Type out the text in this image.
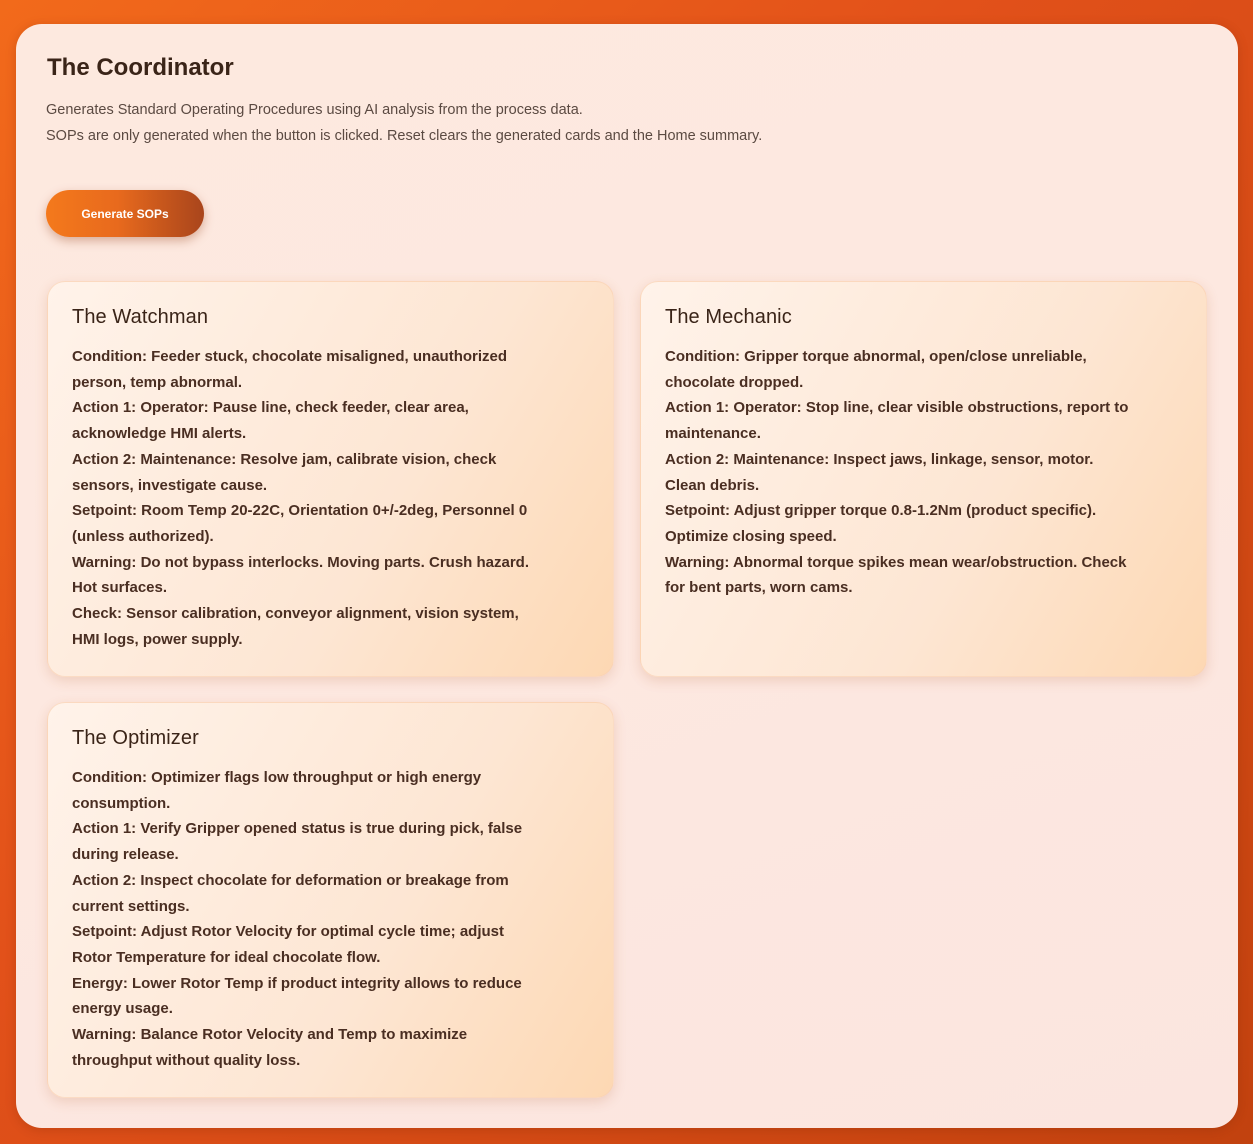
The Coordinator

Generates Standard Operating Procedures using AI analysis from the process data.

SOPs are only generated when the button is clicked. Reset clears the generated cards and the Home summary.

Generate SOPs
The Watchman
Condition: Feeder stuck, chocolate misaligned, unauthorized
person, temp abnormal.
Action 1: Operator: Pause line, check feeder, clear area,
acknowledge HMI alerts.
Action 2: Maintenance: Resolve jam, calibrate vision, check
sensors, investigate cause.
Setpoint: Room Temp 20-22C, Orientation 0+/-2deg, Personnel 0
(unless authorized).
Warning: Do not bypass interlocks. Moving parts. Crush hazard.
Hot surfaces.
Check: Sensor calibration, conveyor alignment, vision system,
HMI logs, power supply.
The Mechanic
Condition: Gripper torque abnormal, open/close unreliable,
chocolate dropped.
Action 1: Operator: Stop line, clear visible obstructions, report to
maintenance.
Action 2: Maintenance: Inspect jaws, linkage, sensor, motor.
Clean debris.
Setpoint: Adjust gripper torque 0.8-1.2Nm (product specific).
Optimize closing speed.
Warning: Abnormal torque spikes mean wear/obstruction. Check
for bent parts, worn cams.
The Optimizer
Condition: Optimizer flags low throughput or high energy
consumption.
Action 1: Verify Gripper opened status is true during pick, false
during release.
Action 2: Inspect chocolate for deformation or breakage from
current settings.
Setpoint: Adjust Rotor Velocity for optimal cycle time; adjust
Rotor Temperature for ideal chocolate flow.
Energy: Lower Rotor Temp if product integrity allows to reduce
energy usage.
Warning: Balance Rotor Velocity and Temp to maximize
throughput without quality loss.
